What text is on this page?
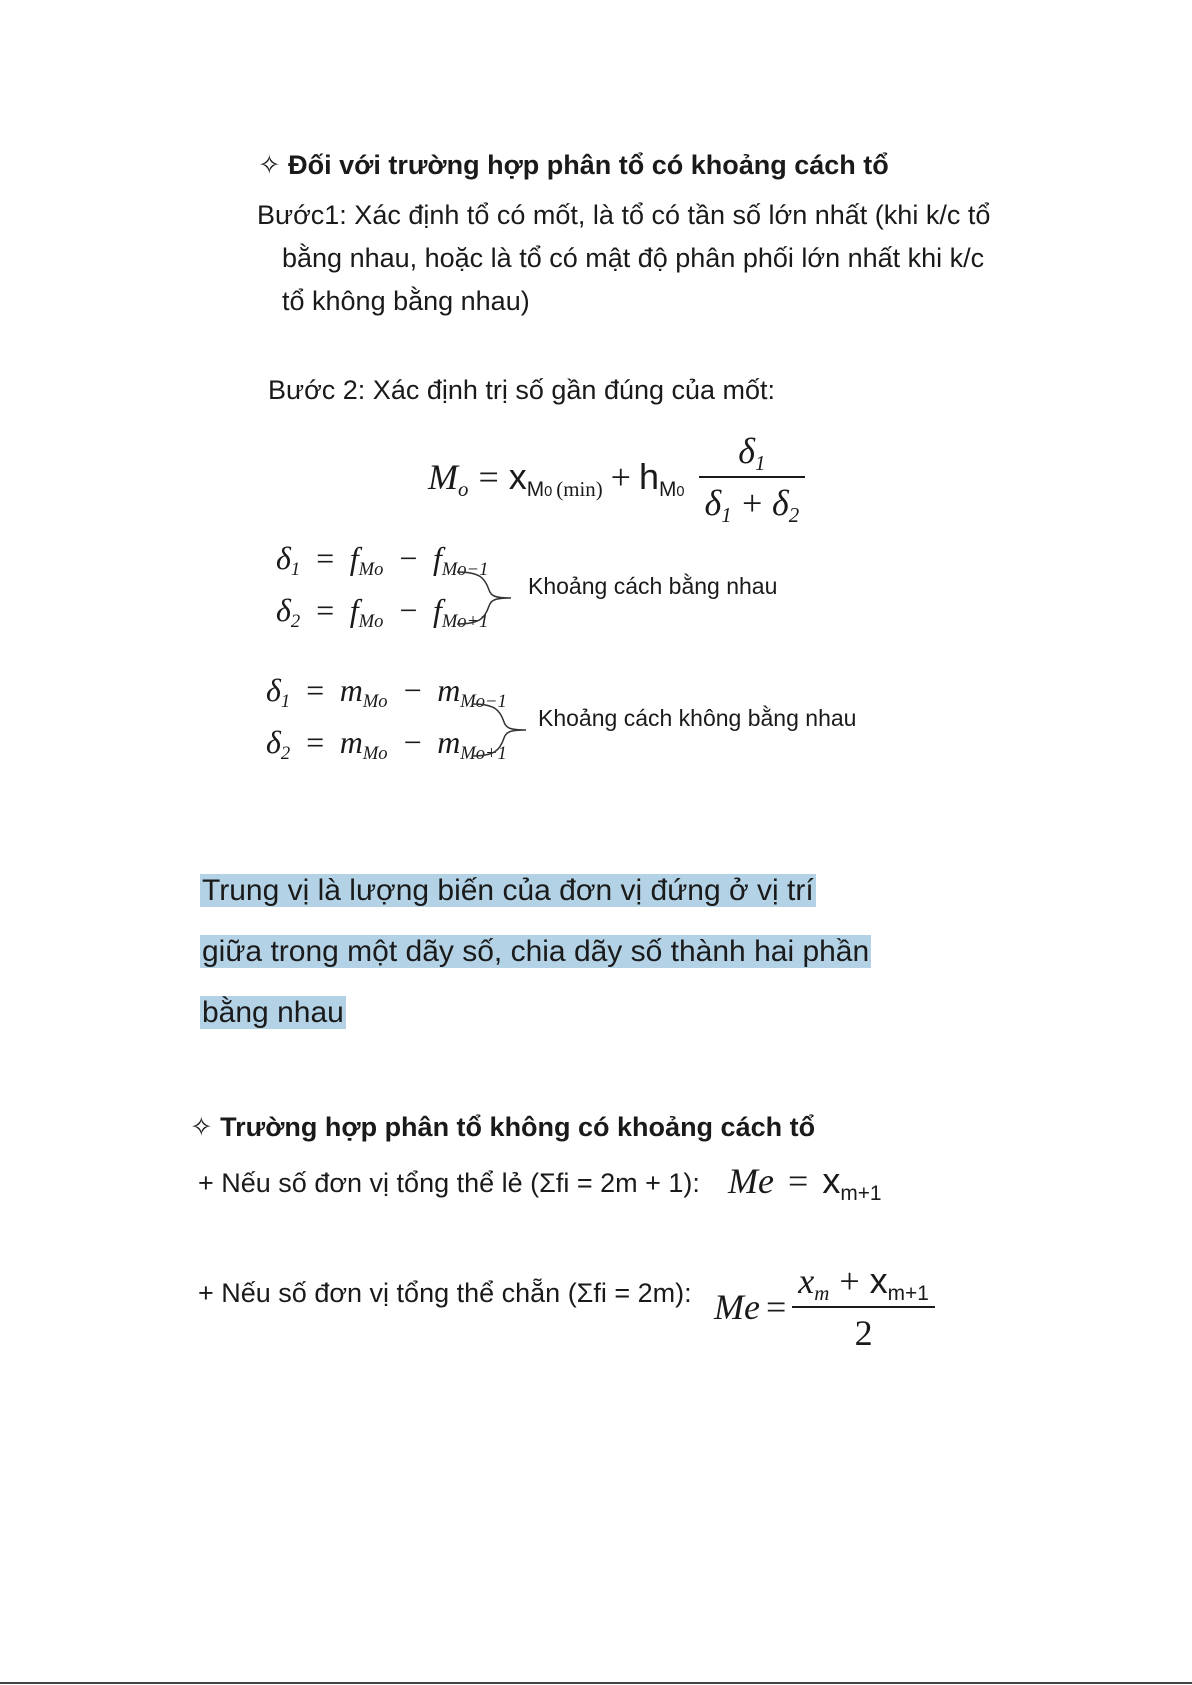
✧ Đối với trường hợp phân tổ có khoảng cách tổ
Bước1: Xác định tổ có mốt, là tổ có tần số lớn nhất (khi k/c tổ
bằng nhau, hoặc là tổ có mật độ phân phối lớn nhất khi k/c
tổ không bằng nhau)
Bước 2: Xác định trị số gần đúng của mốt:
$M_o = x_{M0 (min)} + h_{M0} \frac{\delta_1}{\delta_1 + \delta_2}$
$\delta_1 = f_{Mo} - f_{Mo-1}$
$\delta_2 = f_{Mo} - f_{Mo+1}$
Khoảng cách bằng nhau
$\delta_1 = m_{Mo} - m_{Mo-1}$
$\delta_2 = m_{Mo} - m_{Mo+1}$
Khoảng cách không bằng nhau
Trung vị là lượng biến của đơn vị đứng ở vị trí
giữa trong một dãy số, chia dãy số thành hai phần
bằng nhau
✧ Trường hợp phân tổ không có khoảng cách tổ
+ Nếu số đơn vị tổng thể lẻ (Σfi = 2m + 1): $Me = x_{m+1}$
+ Nếu số đơn vị tổng thể chẵn (Σfi = 2m): $Me = \frac{x_m + x_{m+1}}{2}$
